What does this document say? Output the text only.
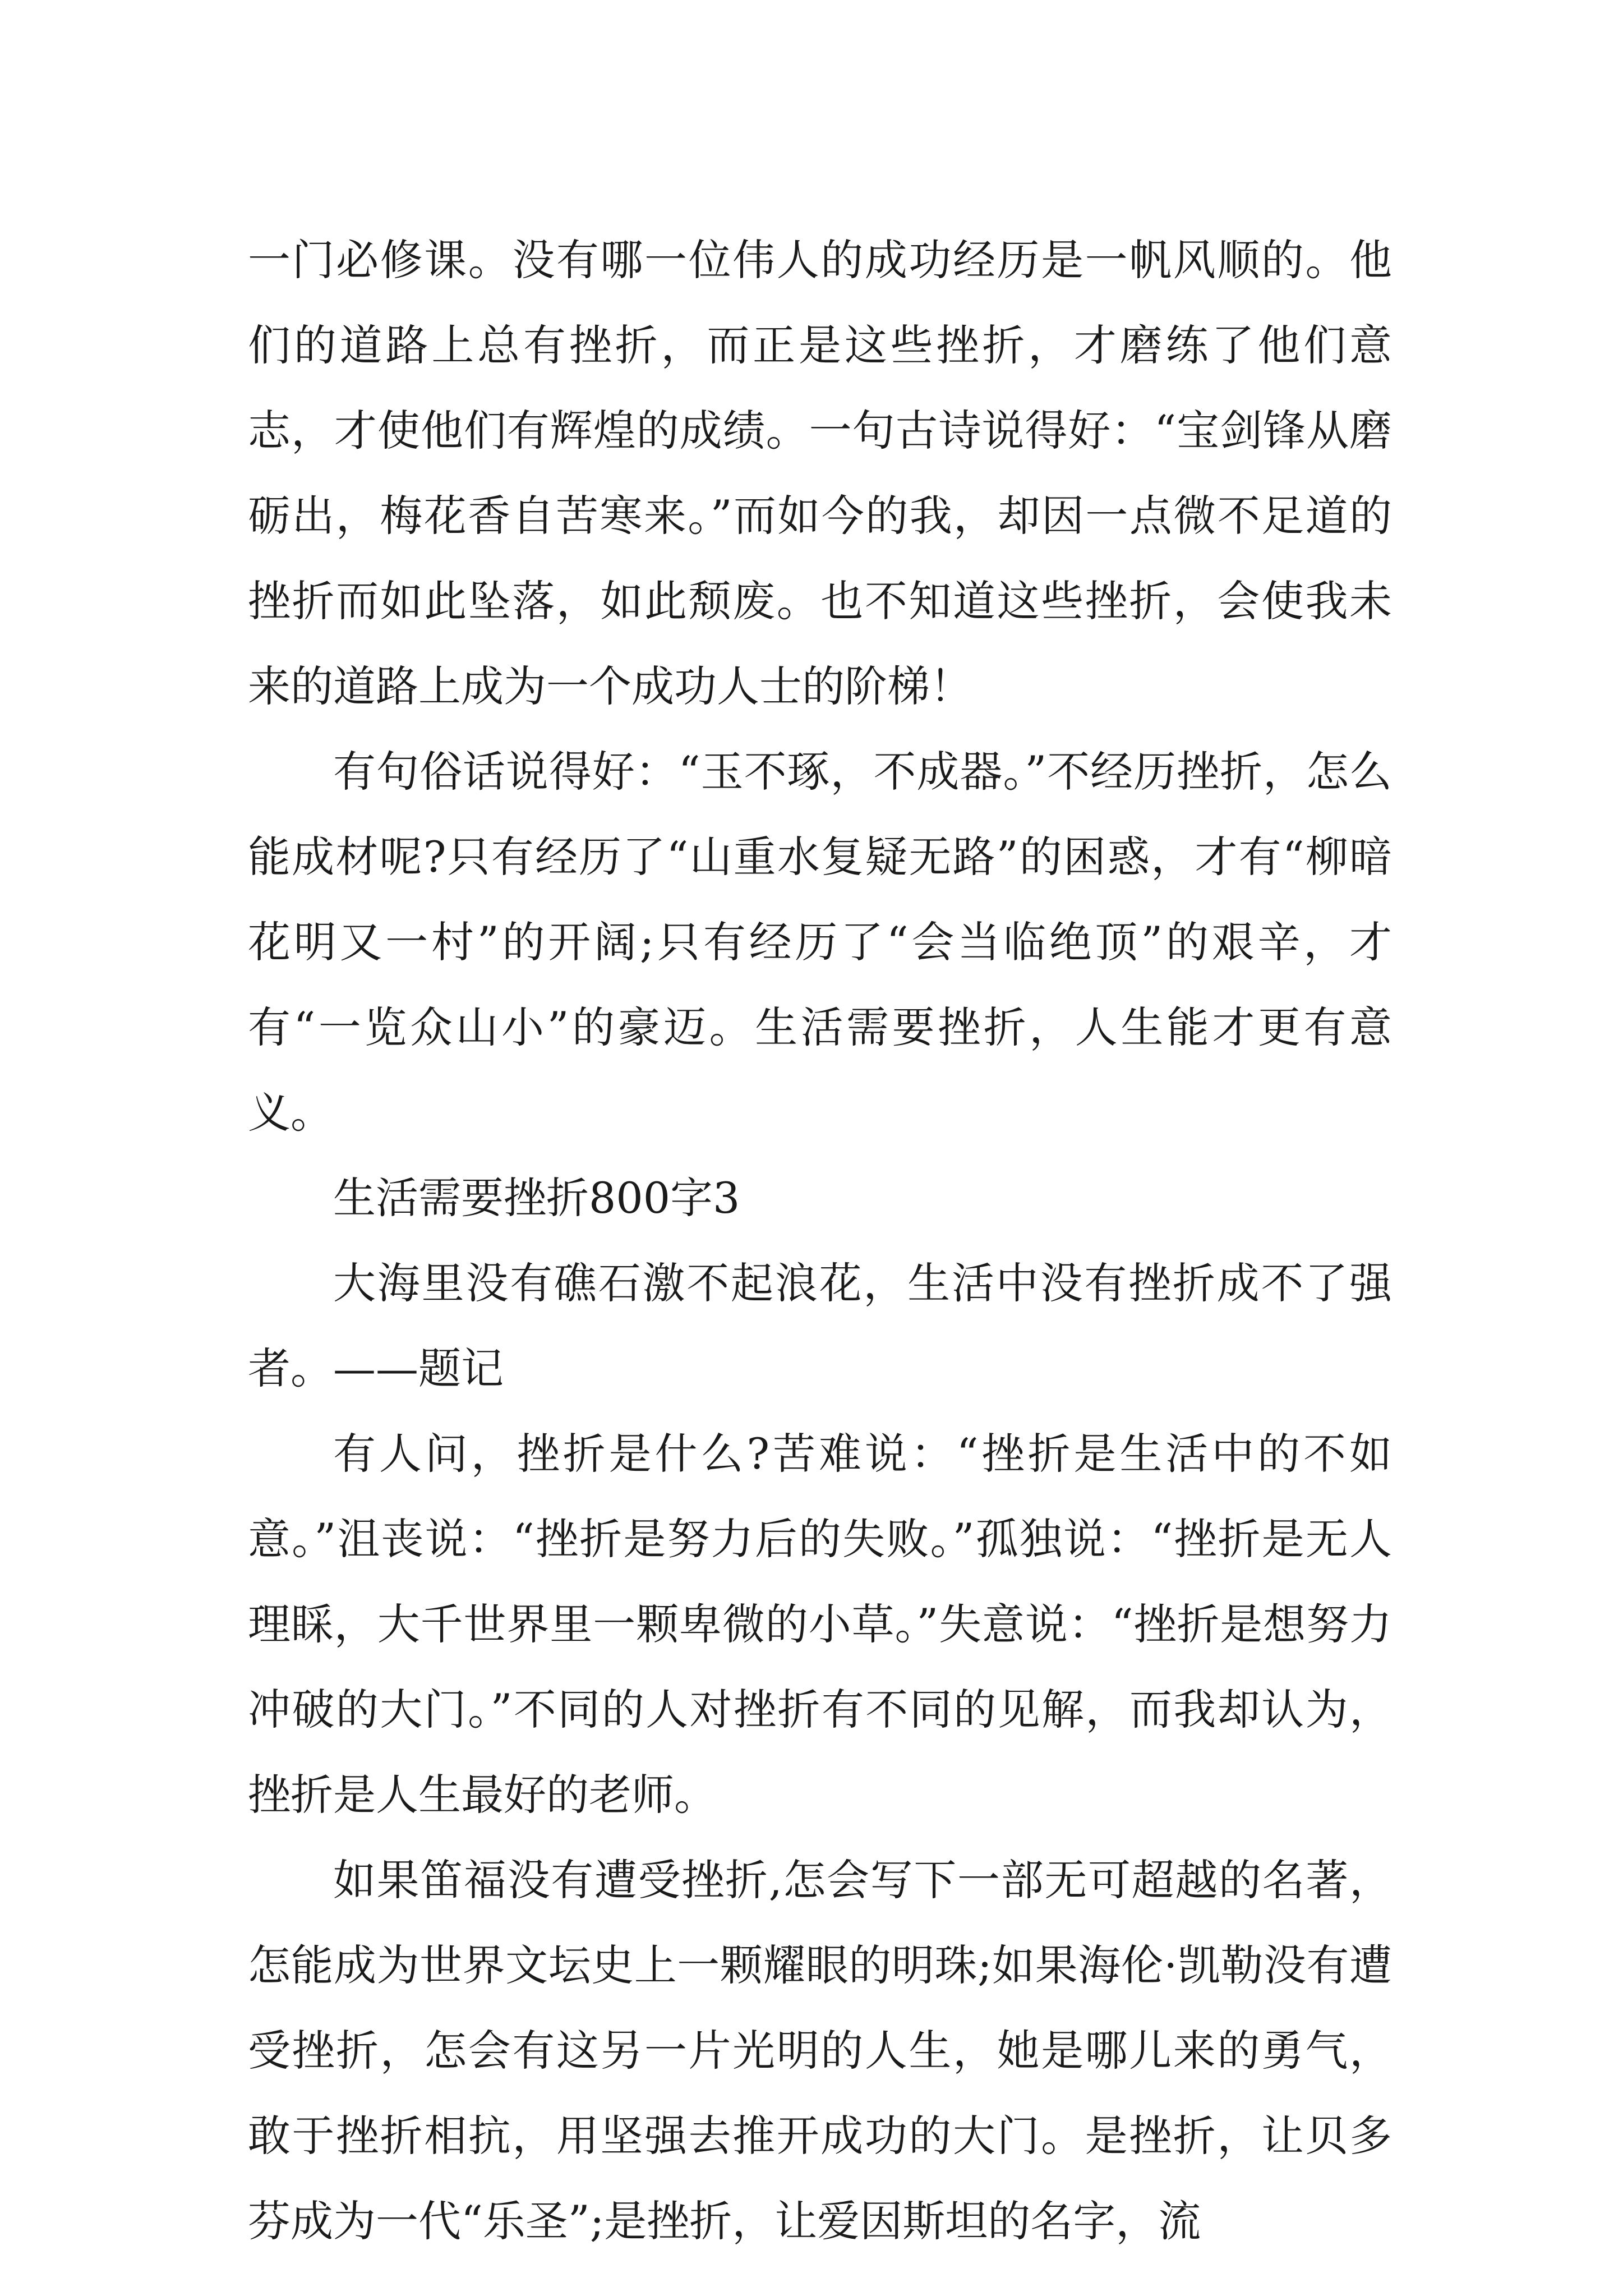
一门必修课。没有哪一位伟人的成功经历是一帆风顺的。他们的道路上总有挫折，而正是这些挫折，才磨练了他们意志，才使他们有辉煌的成绩。一句古诗说得好：“宝剑锋从磨砺出，梅花香自苦寒来。”而如今的我，却因一点微不足道的挫折而如此坠落，如此颓废。也不知道这些挫折，会使我未来的道路上成为一个成功人士的阶梯！

有句俗话说得好：“玉不琢，不成器。”不经历挫折，怎么能成材呢?只有经历了“山重水复疑无路”的困惑，才有“柳暗花明又一村”的开阔;只有经历了“会当临绝顶”的艰辛，才有“一览众山小”的豪迈。生活需要挫折，人生能才更有意义。

生活需要挫折800字3

大海里没有礁石激不起浪花，生活中没有挫折成不了强者。——题记

有人问，挫折是什么?苦难说：“挫折是生活中的不如意。”沮丧说：“挫折是努力后的失败。”孤独说：“挫折是无人理睬，大千世界里一颗卑微的小草。”失意说：“挫折是想努力冲破的大门。”不同的人对挫折有不同的见解，而我却认为，挫折是人生最好的老师。

如果笛福没有遭受挫折,怎会写下一部无可超越的名著，怎能成为世界文坛史上一颗耀眼的明珠;如果海伦·凯勒没有遭受挫折，怎会有这另一片光明的人生，她是哪儿来的勇气，敢于挫折相抗，用坚强去推开成功的大门。是挫折，让贝多芬成为一代“乐圣”;是挫折，让爱因斯坦的名字，流
